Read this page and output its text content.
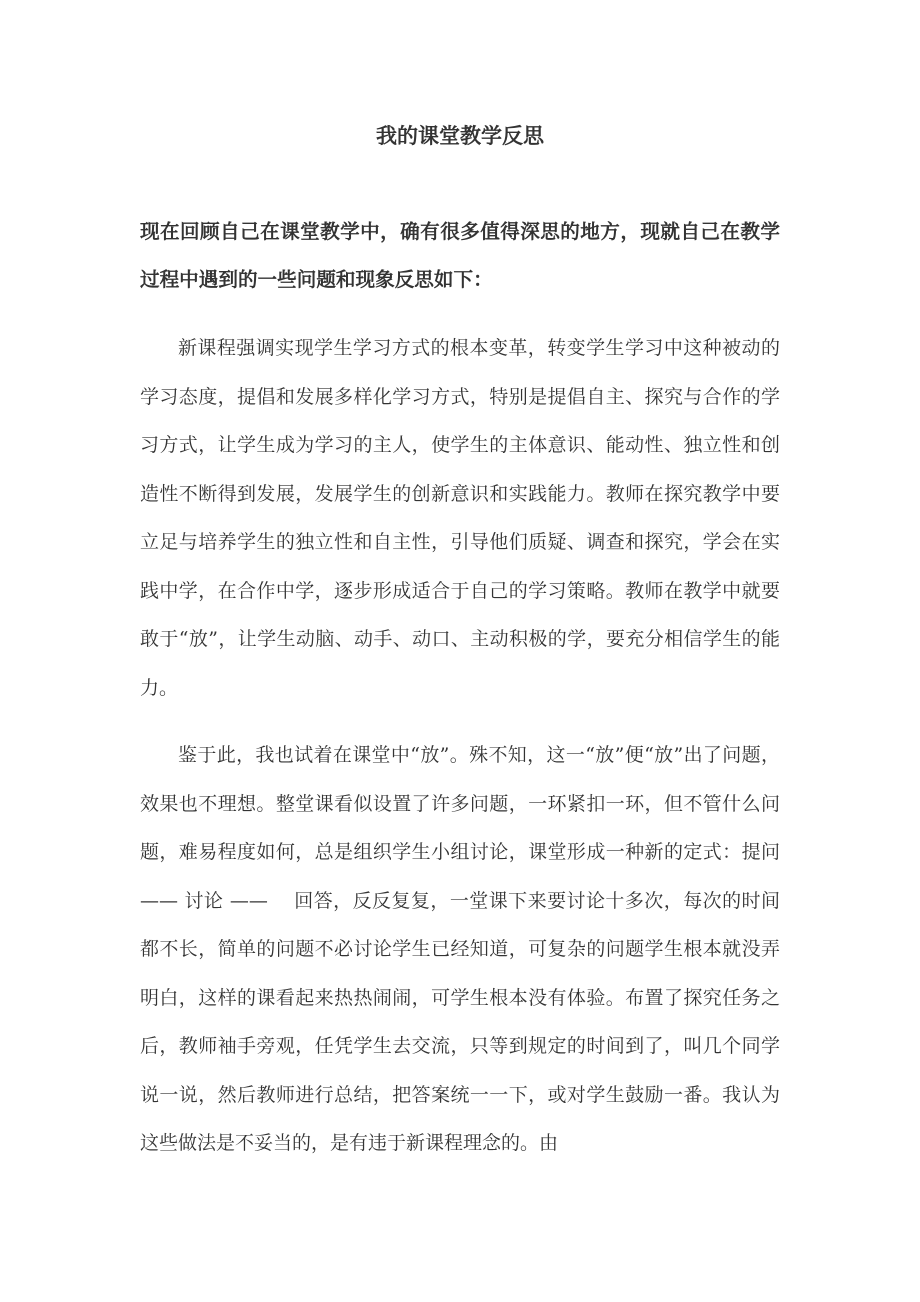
我的课堂教学反思
现在回顾自己在课堂教学中，确有很多值得深思的地方，现就自己在教学过程中遇到的一些问题和现象反思如下：
新课程强调实现学生学习方式的根本变革，转变学生学习中这种被动的学习态度，提倡和发展多样化学习方式，特别是提倡自主、探究与合作的学习方式，让学生成为学习的主人，使学生的主体意识、能动性、独立性和创造性不断得到发展，发展学生的创新意识和实践能力。教师在探究教学中要立足与培养学生的独立性和自主性，引导他们质疑、调查和探究，学会在实践中学，在合作中学，逐步形成适合于自己的学习策略。教师在教学中就要敢于“放”，让学生动脑、动手、动口、主动积极的学，要充分相信学生的能力。
鉴于此，我也试着在课堂中“放”。殊不知，这一“放”便“放”出了问题，效果也不理想。整堂课看似设置了许多问题，一环紧扣一环，但不管什么问题，难易程度如何，总是组织学生小组讨论，课堂形成一种新的定式：提问—— 讨论 ——　 回答，反反复复，一堂课下来要讨论十多次，每次的时间都不长，简单的问题不必讨论学生已经知道，可复杂的问题学生根本就没弄明白，这样的课看起来热热闹闹，可学生根本没有体验。布置了探究任务之后，教师袖手旁观，任凭学生去交流，只等到规定的时间到了，叫几个同学说一说，然后教师进行总结，把答案统一一下，或对学生鼓励一番。我认为这些做法是不妥当的，是有违于新课程理念的。由
